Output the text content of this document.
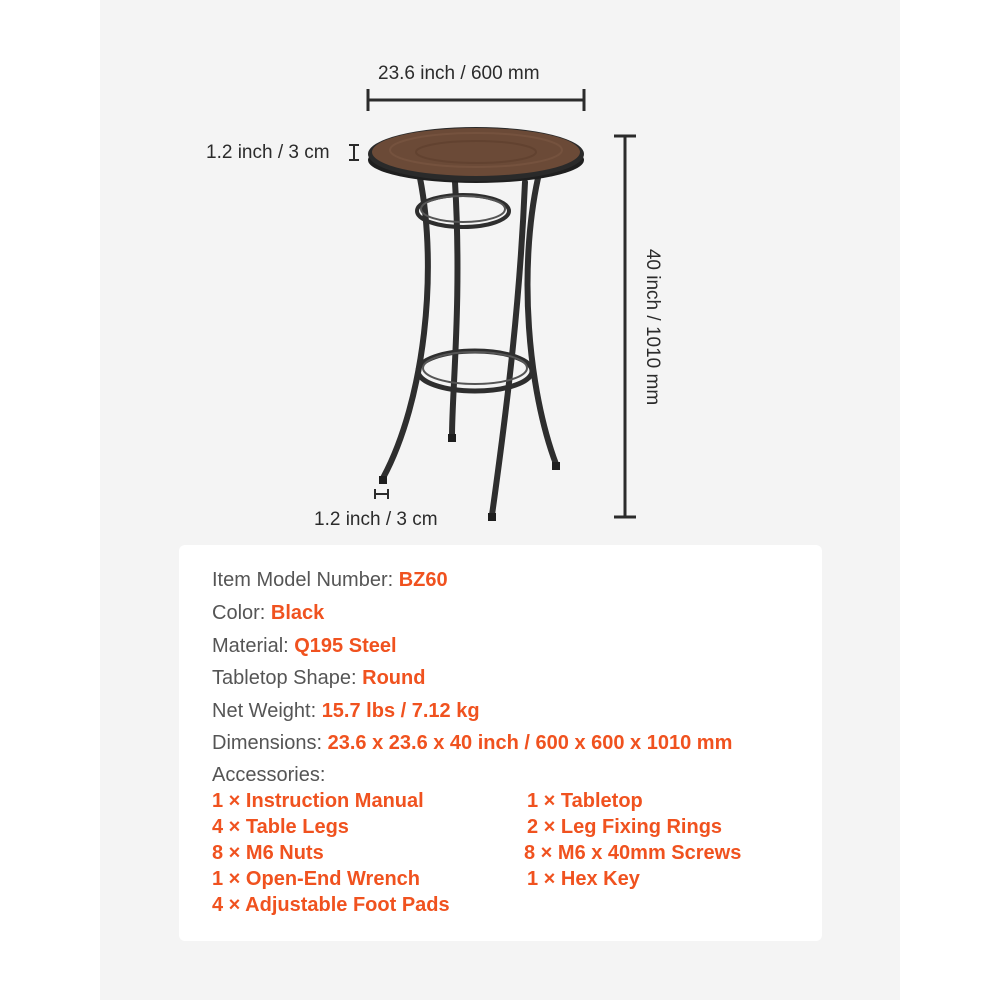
23.6 inch / 600 mm
1.2 inch / 3 cm
1.2 inch / 3 cm
40 inch / 1010 mm
Item Model Number: BZ60
Color: Black
Material: Q195 Steel
Tabletop Shape: Round
Net Weight: 15.7 lbs / 7.12 kg
Dimensions: 23.6 x 23.6 x 40 inch / 600 x 600 x 1010 mm
Accessories:
1 × Instruction Manual
4 × Table Legs
8 × M6 Nuts
1 × Open-End Wrench
4 × Adjustable Foot Pads
1 × Tabletop
2 × Leg Fixing Rings
8 × M6 x 40mm Screws
1 × Hex Key
